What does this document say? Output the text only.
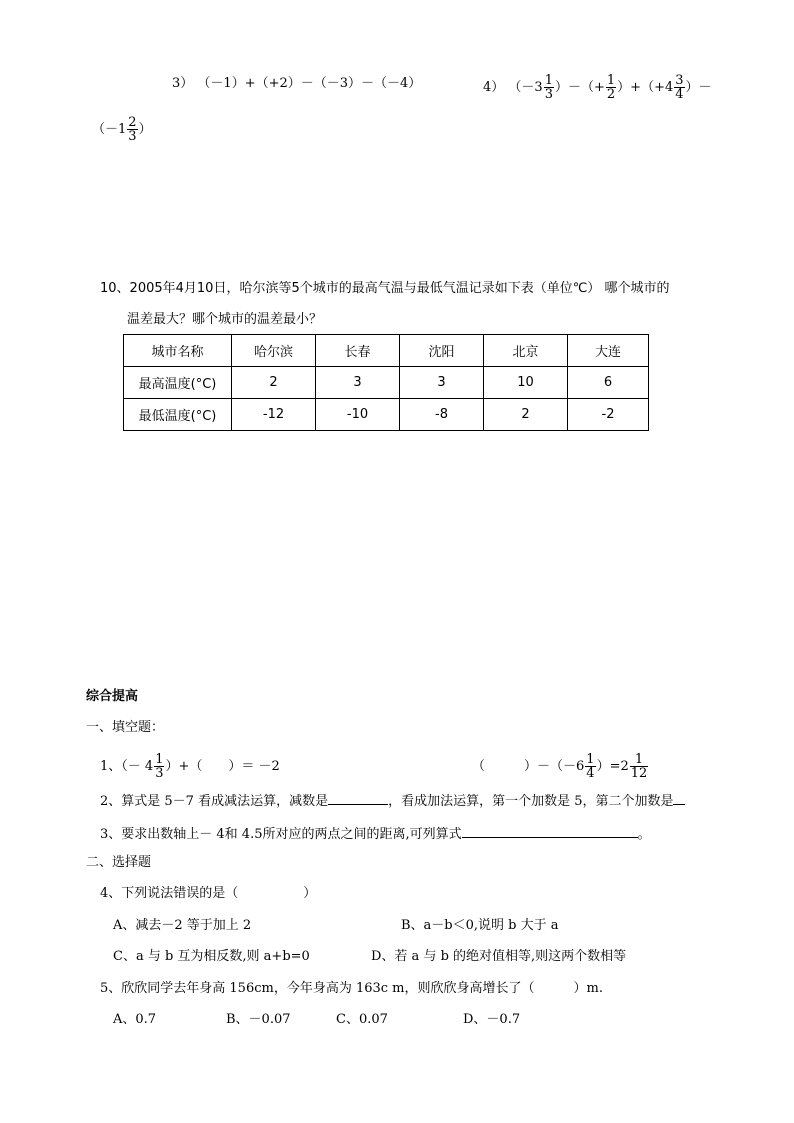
3） （－1）+（+2）－（－3）－（－4）	4） （$-3 \frac{1}{3}$ ）－（+ $\frac{1}{2} )+(+4 \frac{3}{4}$ ）－
（$-1 \frac{2}{3}$ ）
10、2005年4月10日，哈尔滨等5个城市的最高气温与最低气温记录如下表（单位℃） 哪个城市的
温差最大？哪个城市的温差最小？
城市名称	哈尔滨	长春	沈阳	北京	大连
最高温度(°C)	2	3	3	10	6
最低温度(°C)	-12	-10	-8	2	-2
综合提高
一、填空题：
1、（－ $4 \frac{1}{3}$ ）+（　　）＝ －2	（　　　）$-(-6 \frac{1}{4} )=2 \frac{1}{12}$
2、算式是 5－7 看成减法运算，减数是	，看成加法运算，第一个加数是 5，第二个加数是
3、要求出数轴上－ 4和 4.5所对应的两点之间的距离,可列算式	。
二、选择题
4、下列说法错误的是（　　　　　）
A、减去－2 等于加上 2	B、a－b＜0,说明 b 大于 a
C、a 与 b 互为相反数,则 a+b=0	D、若 a 与 b 的绝对值相等,则这两个数相等
5、欣欣同学去年身高 156cm，今年身高为 163c m，则欣欣身高增长了（　　　）m.
A、0.7	B、－0.07	C、0.07	D、－0.7
